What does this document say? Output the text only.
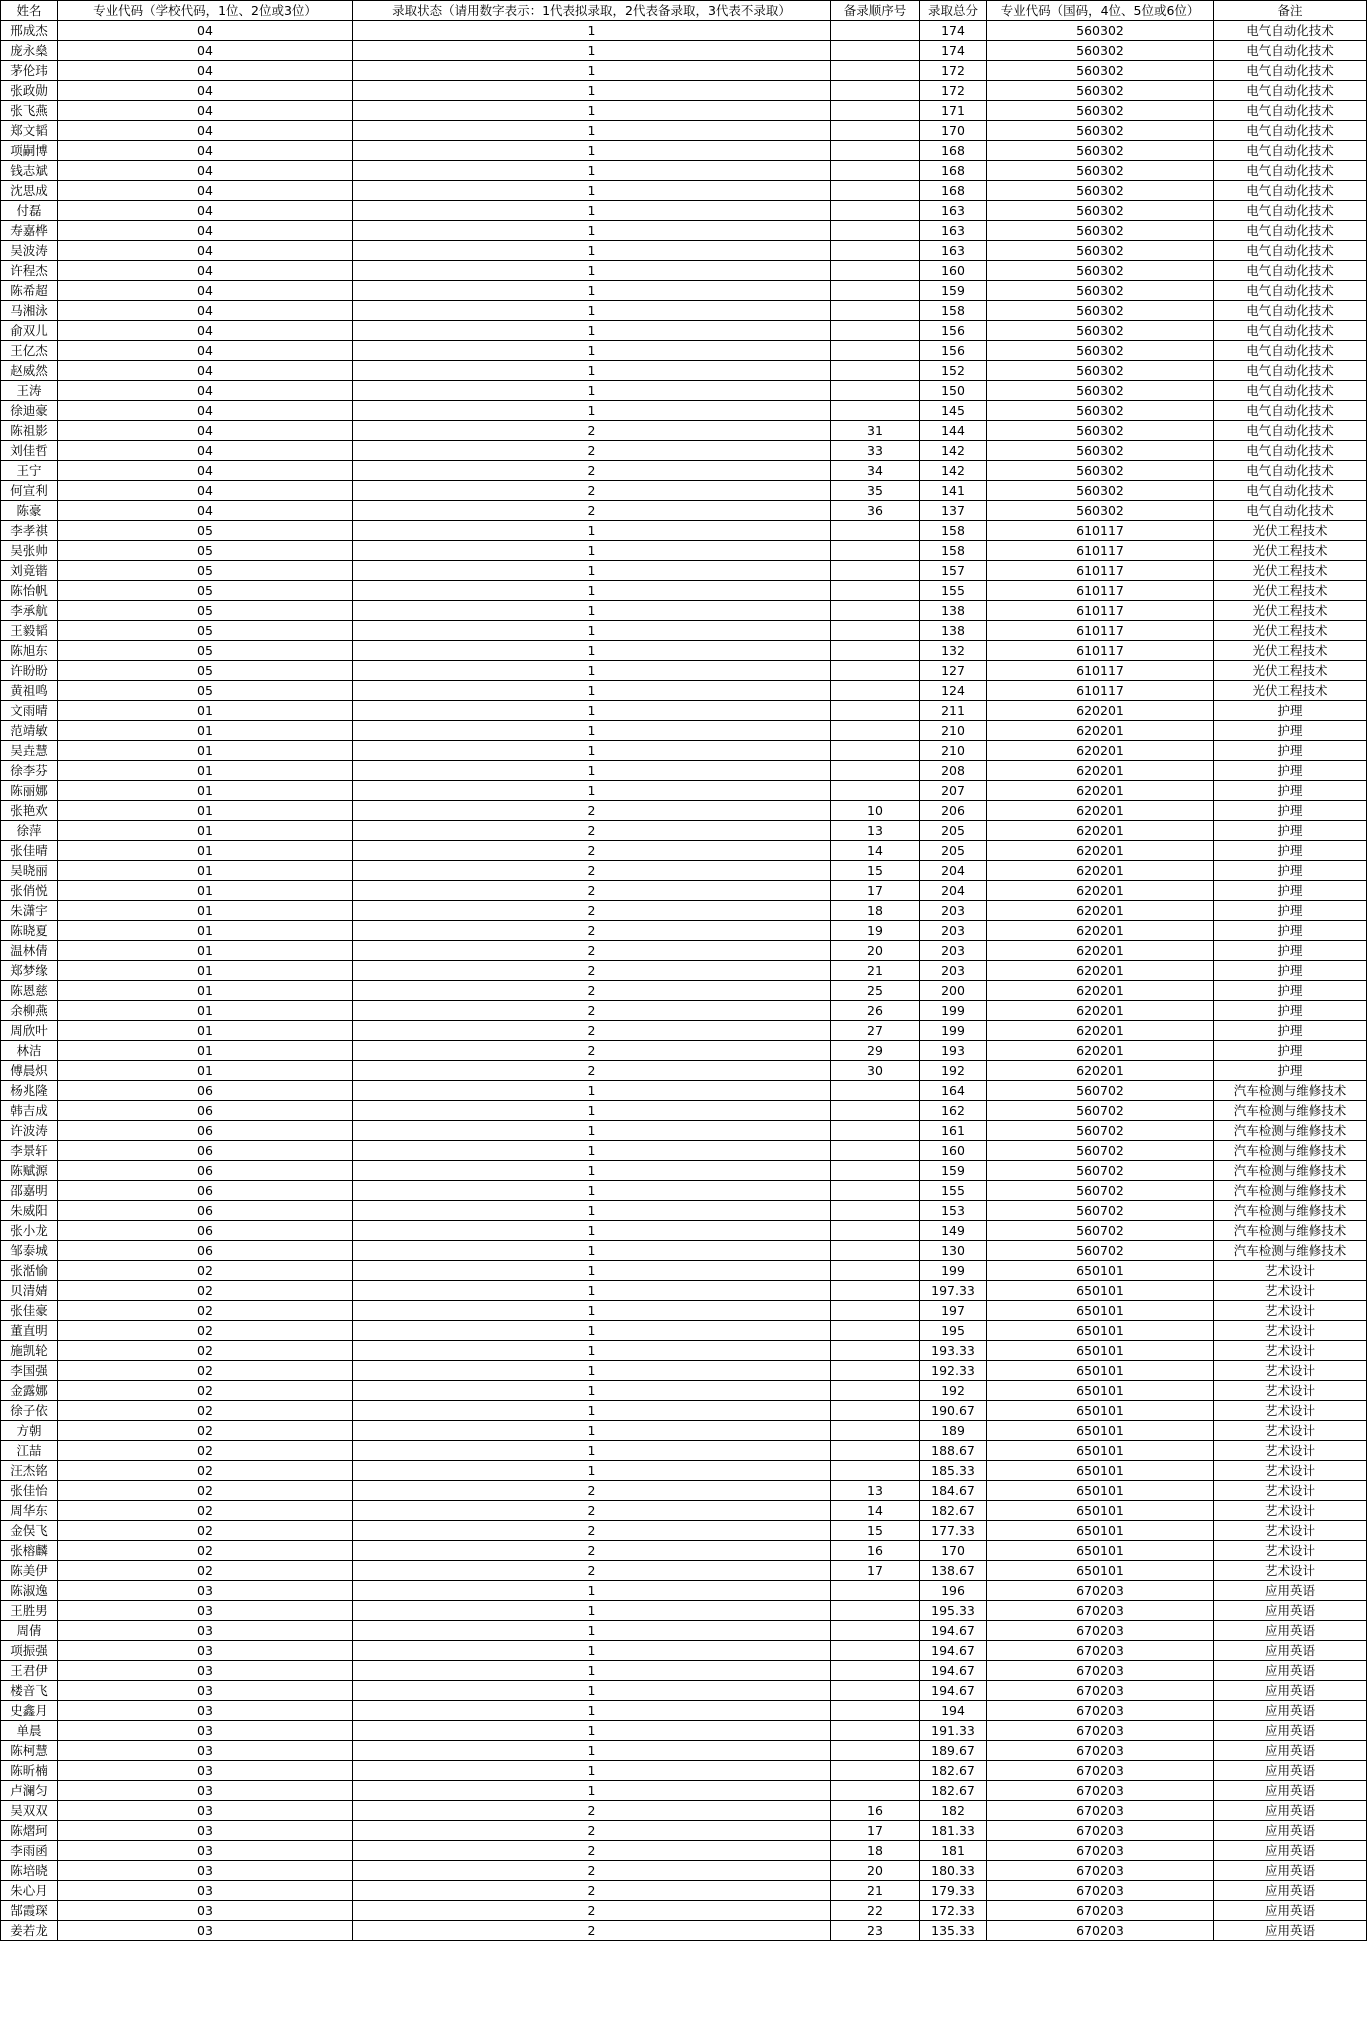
姓名	专业代码（学校代码，1位、2位或3位）	录取状态（请用数字表示：1代表拟录取，2代表备录取，3代表不录取）	备录顺序号	录取总分	专业代码（国码，4位、5位或6位）	备注
邢成杰	04	1		174	560302	电气自动化技术
庞永燊	04	1		174	560302	电气自动化技术
茅伦玮	04	1		172	560302	电气自动化技术
张政勋	04	1		172	560302	电气自动化技术
张飞燕	04	1		171	560302	电气自动化技术
郑文韬	04	1		170	560302	电气自动化技术
项嗣博	04	1		168	560302	电气自动化技术
钱志斌	04	1		168	560302	电气自动化技术
沈思成	04	1		168	560302	电气自动化技术
付磊	04	1		163	560302	电气自动化技术
寿嘉桦	04	1		163	560302	电气自动化技术
吴波涛	04	1		163	560302	电气自动化技术
许程杰	04	1		160	560302	电气自动化技术
陈希超	04	1		159	560302	电气自动化技术
马湘泳	04	1		158	560302	电气自动化技术
俞双儿	04	1		156	560302	电气自动化技术
王亿杰	04	1		156	560302	电气自动化技术
赵威然	04	1		152	560302	电气自动化技术
王涛	04	1		150	560302	电气自动化技术
徐迪豪	04	1		145	560302	电气自动化技术
陈祖影	04	2	31	144	560302	电气自动化技术
刘佳哲	04	2	33	142	560302	电气自动化技术
王宁	04	2	34	142	560302	电气自动化技术
何宣利	04	2	35	141	560302	电气自动化技术
陈豪	04	2	36	137	560302	电气自动化技术
李孝祺	05	1		158	610117	光伏工程技术
吴张帅	05	1		158	610117	光伏工程技术
刘竟锴	05	1		157	610117	光伏工程技术
陈怡帆	05	1		155	610117	光伏工程技术
李承航	05	1		138	610117	光伏工程技术
王毅韬	05	1		138	610117	光伏工程技术
陈旭东	05	1		132	610117	光伏工程技术
许盼盼	05	1		127	610117	光伏工程技术
黄祖鸣	05	1		124	610117	光伏工程技术
文雨晴	01	1		211	620201	护理
范靖敏	01	1		210	620201	护理
吴垚慧	01	1		210	620201	护理
徐李芬	01	1		208	620201	护理
陈丽娜	01	1		207	620201	护理
张艳欢	01	2	10	206	620201	护理
徐萍	01	2	13	205	620201	护理
张佳晴	01	2	14	205	620201	护理
吴晓丽	01	2	15	204	620201	护理
张俏悦	01	2	17	204	620201	护理
朱潇宇	01	2	18	203	620201	护理
陈晓夏	01	2	19	203	620201	护理
温林倩	01	2	20	203	620201	护理
郑梦缘	01	2	21	203	620201	护理
陈恩慈	01	2	25	200	620201	护理
余柳燕	01	2	26	199	620201	护理
周欣叶	01	2	27	199	620201	护理
林洁	01	2	29	193	620201	护理
傅晨炽	01	2	30	192	620201	护理
杨兆隆	06	1		164	560702	汽车检测与维修技术
韩吉成	06	1		162	560702	汽车检测与维修技术
许波涛	06	1		161	560702	汽车检测与维修技术
李景轩	06	1		160	560702	汽车检测与维修技术
陈赋源	06	1		159	560702	汽车检测与维修技术
邵嘉明	06	1		155	560702	汽车检测与维修技术
朱威阳	06	1		153	560702	汽车检测与维修技术
张小龙	06	1		149	560702	汽车检测与维修技术
邹泰城	06	1		130	560702	汽车检测与维修技术
张湉愉	02	1		199	650101	艺术设计
贝清婧	02	1		197.33	650101	艺术设计
张佳豪	02	1		197	650101	艺术设计
董直明	02	1		195	650101	艺术设计
施凯轮	02	1		193.33	650101	艺术设计
李国强	02	1		192.33	650101	艺术设计
金露娜	02	1		192	650101	艺术设计
徐子依	02	1		190.67	650101	艺术设计
方朝	02	1		189	650101	艺术设计
江喆	02	1		188.67	650101	艺术设计
汪杰铭	02	1		185.33	650101	艺术设计
张佳怡	02	2	13	184.67	650101	艺术设计
周华东	02	2	14	182.67	650101	艺术设计
金俣飞	02	2	15	177.33	650101	艺术设计
张榕麟	02	2	16	170	650101	艺术设计
陈美伊	02	2	17	138.67	650101	艺术设计
陈淑逸	03	1		196	670203	应用英语
王胜男	03	1		195.33	670203	应用英语
周倩	03	1		194.67	670203	应用英语
项振强	03	1		194.67	670203	应用英语
王君伊	03	1		194.67	670203	应用英语
楼音飞	03	1		194.67	670203	应用英语
史鑫月	03	1		194	670203	应用英语
单晨	03	1		191.33	670203	应用英语
陈柯慧	03	1		189.67	670203	应用英语
陈昕楠	03	1		182.67	670203	应用英语
卢澜匀	03	1		182.67	670203	应用英语
吴双双	03	2	16	182	670203	应用英语
陈熠珂	03	2	17	181.33	670203	应用英语
李雨函	03	2	18	181	670203	应用英语
陈培晓	03	2	20	180.33	670203	应用英语
朱心月	03	2	21	179.33	670203	应用英语
郜霞琛	03	2	22	172.33	670203	应用英语
姜若龙	03	2	23	135.33	670203	应用英语
